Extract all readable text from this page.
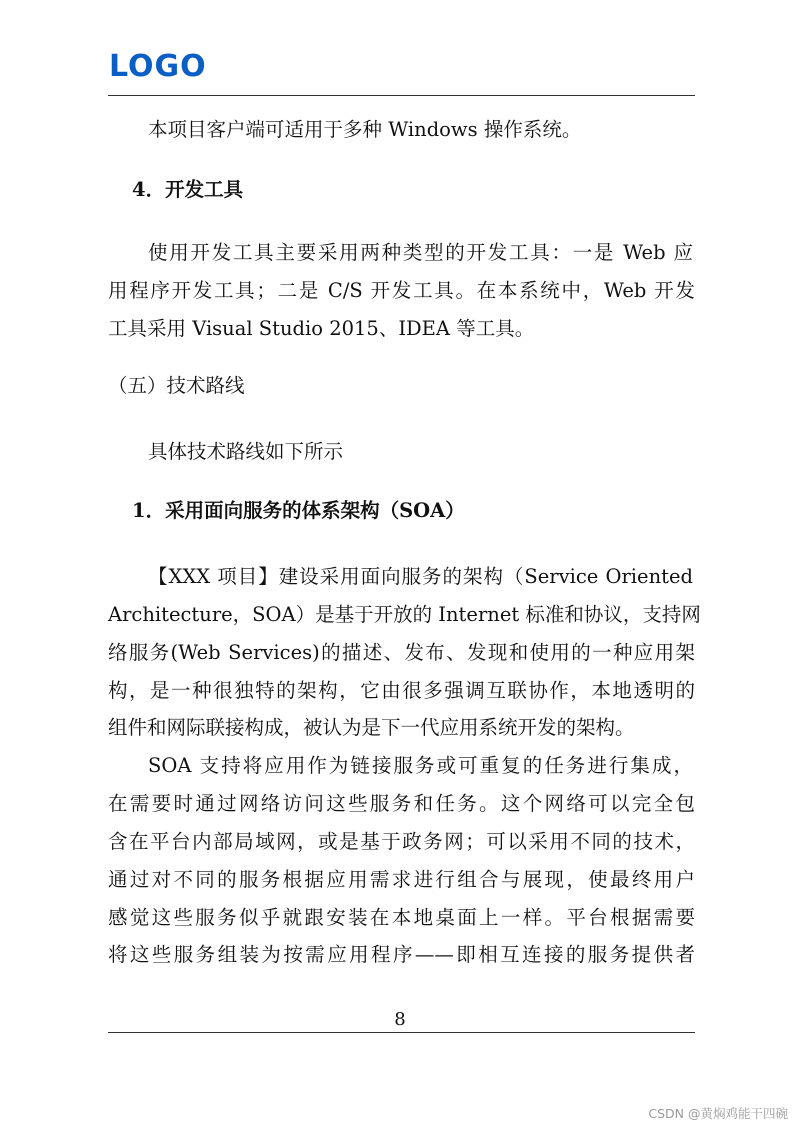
LOGO
本项目客户端可适用于多种 Windows 操作系统。
4．开发工具
使用开发工具主要采用两种类型的开发工具：一是 Web 应
用程序开发工具；二是 C/S 开发工具。在本系统中，Web 开发
工具采用 Visual Studio 2015、IDEA 等工具。
（五）技术路线
具体技术路线如下所示
1．采用面向服务的体系架构（SOA）
【XXX 项目】建设采用面向服务的架构（Service Oriented
Architecture，SOA）是基于开放的 Internet 标准和协议，支持网
络服务(Web Services)的描述、发布、发现和使用的一种应用架
构，是一种很独特的架构，它由很多强调互联协作，本地透明的
组件和网际联接构成，被认为是下一代应用系统开发的架构。
SOA 支持将应用作为链接服务或可重复的任务进行集成，
在需要时通过网络访问这些服务和任务。这个网络可以完全包
含在平台内部局域网，或是基于政务网；可以采用不同的技术，
通过对不同的服务根据应用需求进行组合与展现，使最终用户
感觉这些服务似乎就跟安装在本地桌面上一样。平台根据需要
将这些服务组装为按需应用程序——即相互连接的服务提供者
8
CSDN @黄焖鸡能干四碗
